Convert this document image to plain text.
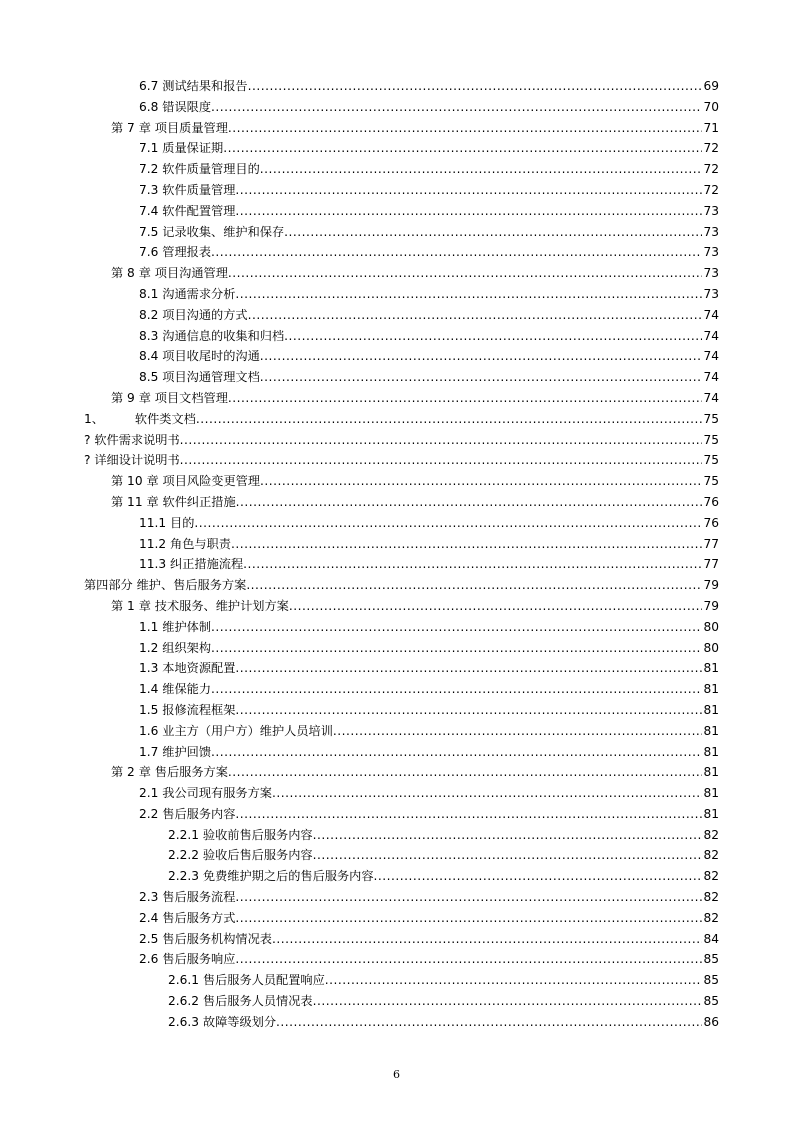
6.7 测试结果和报告 .....	69
6.8 错误限度 .....	70
第 7 章 项目质量管理 .....	71
7.1 质量保证期 .....	72
7.2 软件质量管理目的 .....	72
7.3 软件质量管理 .....	72
7.4 软件配置管理 .....	73
7.5 记录收集、维护和保存 .....	73
7.6 管理报表 .....	73
第 8 章 项目沟通管理 .....	73
8.1 沟通需求分析 .....	73
8.2 项目沟通的方式 .....	74
8.3 沟通信息的收集和归档 .....	74
8.4 项目收尾时的沟通 .....	74
8.5 项目沟通管理文档 .....	74
第 9 章 项目文档管理 .....	74
1、        软件类文档 .....	75
? 软件需求说明书 .....	75
? 详细设计说明书 .....	75
第 10 章 项目风险变更管理 .....	75
第 11 章 软件纠正措施 .....	76
11.1 目的 .....	76
11.2 角色与职责 .....	77
11.3 纠正措施流程 .....	77
第四部分 维护、售后服务方案 .....	79
第 1 章 技术服务、维护计划方案 .....	79
1.1 维护体制 .....	80
1.2 组织架构 .....	80
1.3 本地资源配置 .....	81
1.4 维保能力 .....	81
1.5 报修流程框架 .....	81
1.6 业主方（用户方）维护人员培训 .....	81
1.7 维护回馈 .....	81
第 2 章 售后服务方案 .....	81
2.1 我公司现有服务方案 .....	81
2.2 售后服务内容 .....	81
2.2.1 验收前售后服务内容 .....	82
2.2.2 验收后售后服务内容 .....	82
2.2.3 免费维护期之后的售后服务内容 .....	82
2.3 售后服务流程 .....	82
2.4 售后服务方式 .....	82
2.5 售后服务机构情况表 .....	84
2.6 售后服务响应 .....	85
2.6.1 售后服务人员配置响应 .....	85
2.6.2 售后服务人员情况表 .....	85
2.6.3 故障等级划分 .....	86
6
